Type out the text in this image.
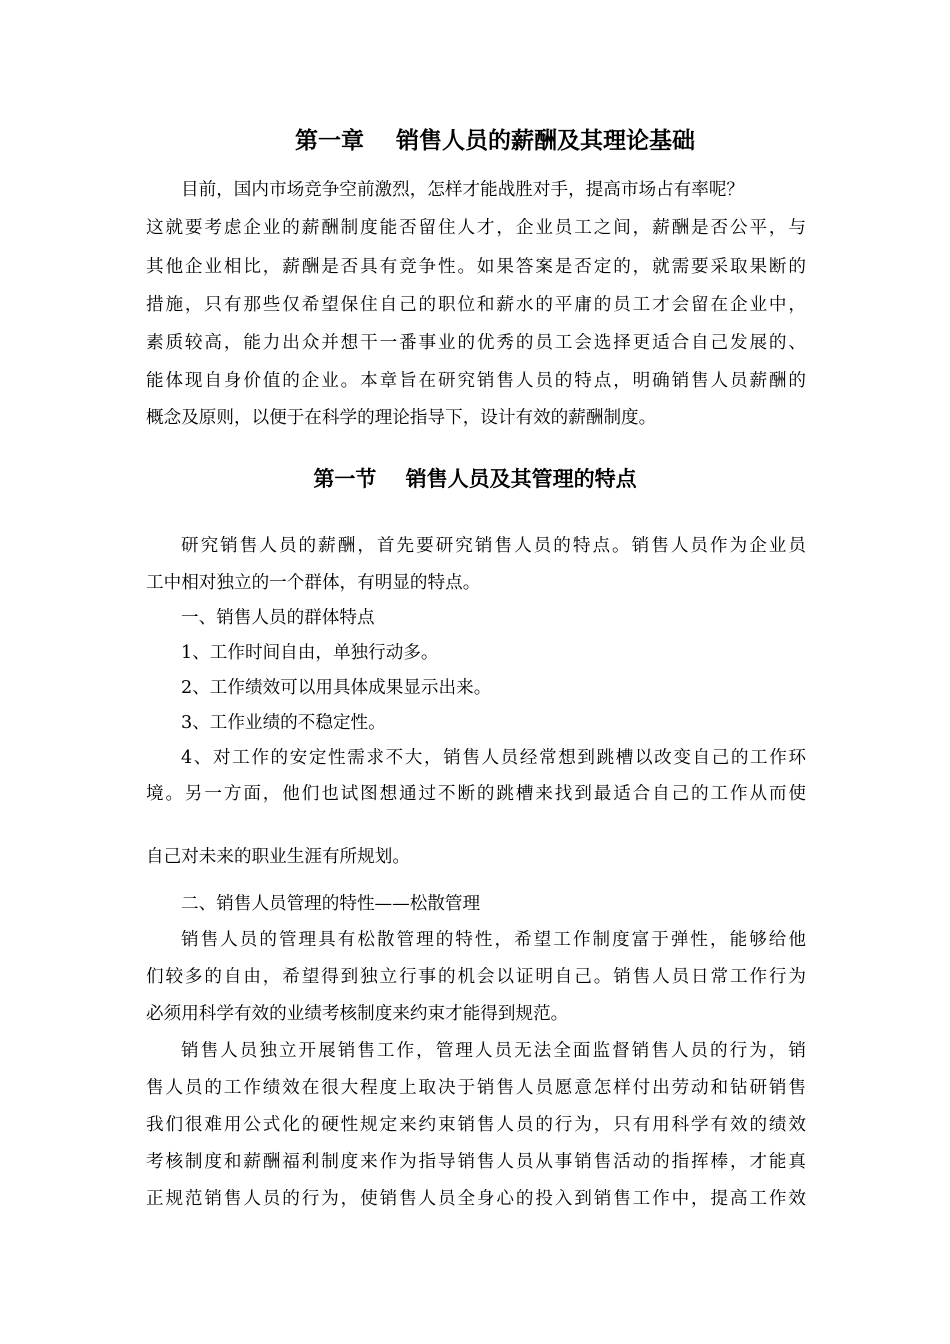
第一章    销售人员的薪酬及其理论基础

目前，国内市场竞争空前激烈，怎样才能战胜对手，提高市场占有率呢？

这就要考虑企业的薪酬制度能否留住人才，企业员工之间，薪酬是否公平，与

其他企业相比，薪酬是否具有竞争性。如果答案是否定的，就需要采取果断的

措施，只有那些仅希望保住自己的职位和薪水的平庸的员工才会留在企业中，

素质较高，能力出众并想干一番事业的优秀的员工会选择更适合自己发展的、

能体现自身价值的企业。本章旨在研究销售人员的特点，明确销售人员薪酬的

概念及原则，以便于在科学的理论指导下，设计有效的薪酬制度。

第一节    销售人员及其管理的特点

研究销售人员的薪酬，首先要研究销售人员的特点。销售人员作为企业员

工中相对独立的一个群体，有明显的特点。

一、销售人员的群体特点

1、工作时间自由，单独行动多。

2、工作绩效可以用具体成果显示出来。

3、工作业绩的不稳定性。

4、对工作的安定性需求不大，销售人员经常想到跳槽以改变自己的工作环

境。另一方面，他们也试图想通过不断的跳槽来找到最适合自己的工作从而使

自己对未来的职业生涯有所规划。

二、销售人员管理的特性——松散管理

销售人员的管理具有松散管理的特性，希望工作制度富于弹性，能够给他

们较多的自由，希望得到独立行事的机会以证明自己。销售人员日常工作行为

必须用科学有效的业绩考核制度来约束才能得到规范。

销售人员独立开展销售工作，管理人员无法全面监督销售人员的行为，销

售人员的工作绩效在很大程度上取决于销售人员愿意怎样付出劳动和钻研销售

我们很难用公式化的硬性规定来约束销售人员的行为，只有用科学有效的绩效

考核制度和薪酬福利制度来作为指导销售人员从事销售活动的指挥棒，才能真

正规范销售人员的行为，使销售人员全身心的投入到销售工作中，提高工作效
